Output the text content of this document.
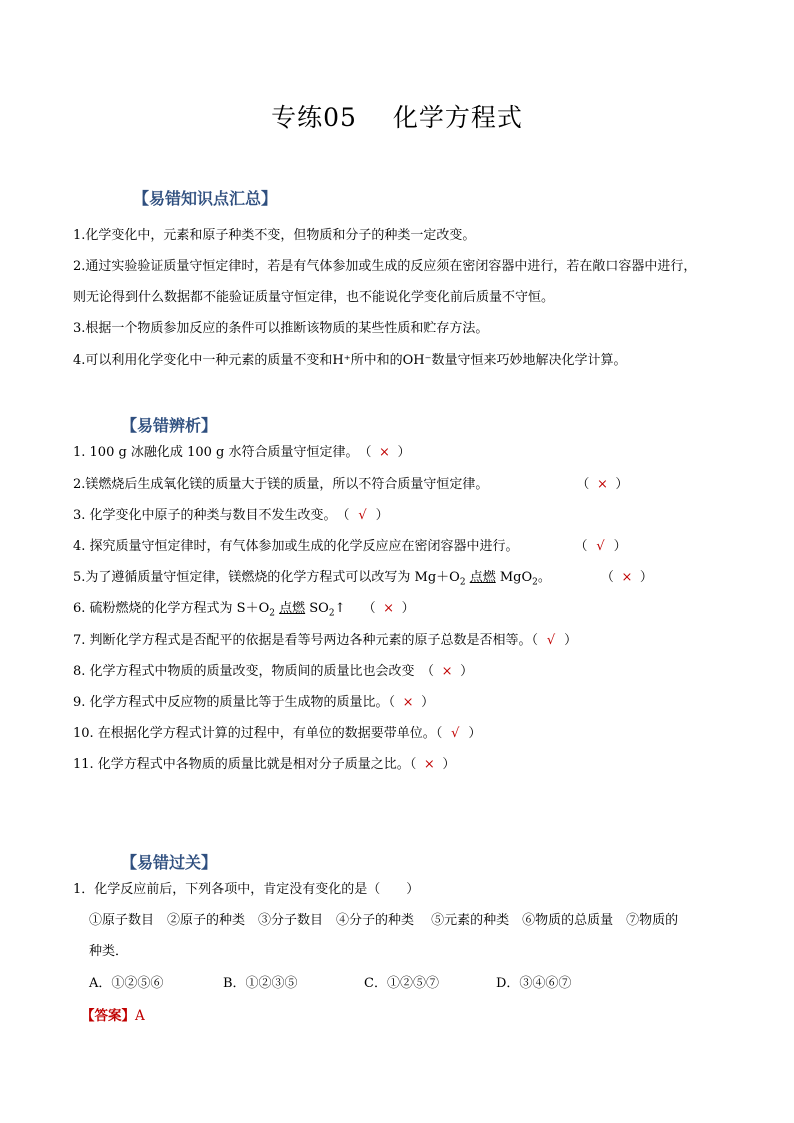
专练05 化学方程式
【易错知识点汇总】
1.化学变化中，元素和原子种类不变，但物质和分子的种类一定改变。
2.通过实验验证质量守恒定律时，若是有气体参加或生成的反应须在密闭容器中进行，若在敞口容器中进行，
则无论得到什么数据都不能验证质量守恒定律，也不能说化学变化前后质量不守恒。
3.根据一个物质参加反应的条件可以推断该物质的某些性质和贮存方法。
4.可以利用化学变化中一种元素的质量不变和H⁺所中和的OH⁻数量守恒来巧妙地解决化学计算。
【易错辨析】
1. 100 g 冰融化成 100 g 水符合质量守恒定律。　（ × ）
2.镁燃烧后生成氧化镁的质量大于镁的质量，所以不符合质量守恒定律。	（ × ）
3. 化学变化中原子的种类与数目不发生改变。　（ √ ）
4. 探究质量守恒定律时，有气体参加或生成的化学反应应在密闭容器中进行。	（ √ ）
5.为了遵循质量守恒定律，镁燃烧的化学方程式可以改写为 $Mg+O_2$ 点燃 MgO$_2$。	（ × ）
6. 硫粉燃烧的化学方程式为 $S+O_2$ 点燃 $SO_2↑$　 （ × ）
7. 判断化学方程式是否配平的依据是看等号两边各种元素的原子总数是否相等。（ √ ）
8. 化学方程式中物质的质量改变，物质间的质量比也会改变　（ × ）
9. 化学方程式中反应物的质量比等于生成物的质量比。（ × ）
10. 在根据化学方程式计算的过程中，有单位的数据要带单位。（ √ ）
11. 化学方程式中各物质的质量比就是相对分子质量之比。（ × ）
【易错过关】
1．化学反应前后，下列各项中，肯定没有变化的是（　　）
①原子数目　②原子的种类　③分子数目　④分子的种类　 ⑤元素的种类　⑥物质的总质量　⑦物质的
种类．
A．①②⑤⑥	B．①②③⑤	C．①②⑤⑦	D．③④⑥⑦
【答案】A
